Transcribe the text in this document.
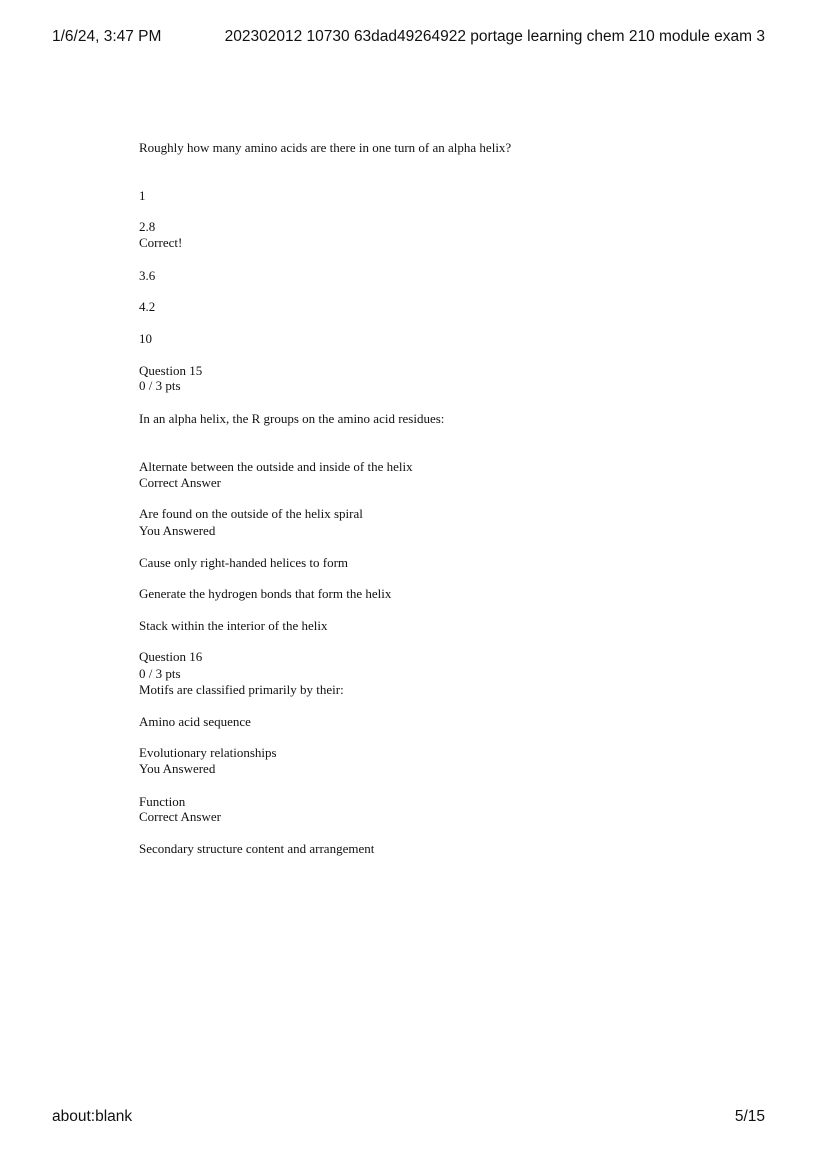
1/6/24, 3:47 PM	202302012 10730 63dad49264922 portage learning chem 210 module exam 3
Roughly how many amino acids are there in one turn of an alpha helix?
1
2.8
Correct!
3.6
4.2
10
Question 15
0 / 3 pts
In an alpha helix, the R groups on the amino acid residues:
Alternate between the outside and inside of the helix
Correct Answer
Are found on the outside of the helix spiral
You Answered
Cause only right-handed helices to form
Generate the hydrogen bonds that form the helix
Stack within the interior of the helix
Question 16
0 / 3 pts
Motifs are classified primarily by their:
Amino acid sequence
Evolutionary relationships
You Answered
Function
Correct Answer
Secondary structure content and arrangement
about:blank	5/15
